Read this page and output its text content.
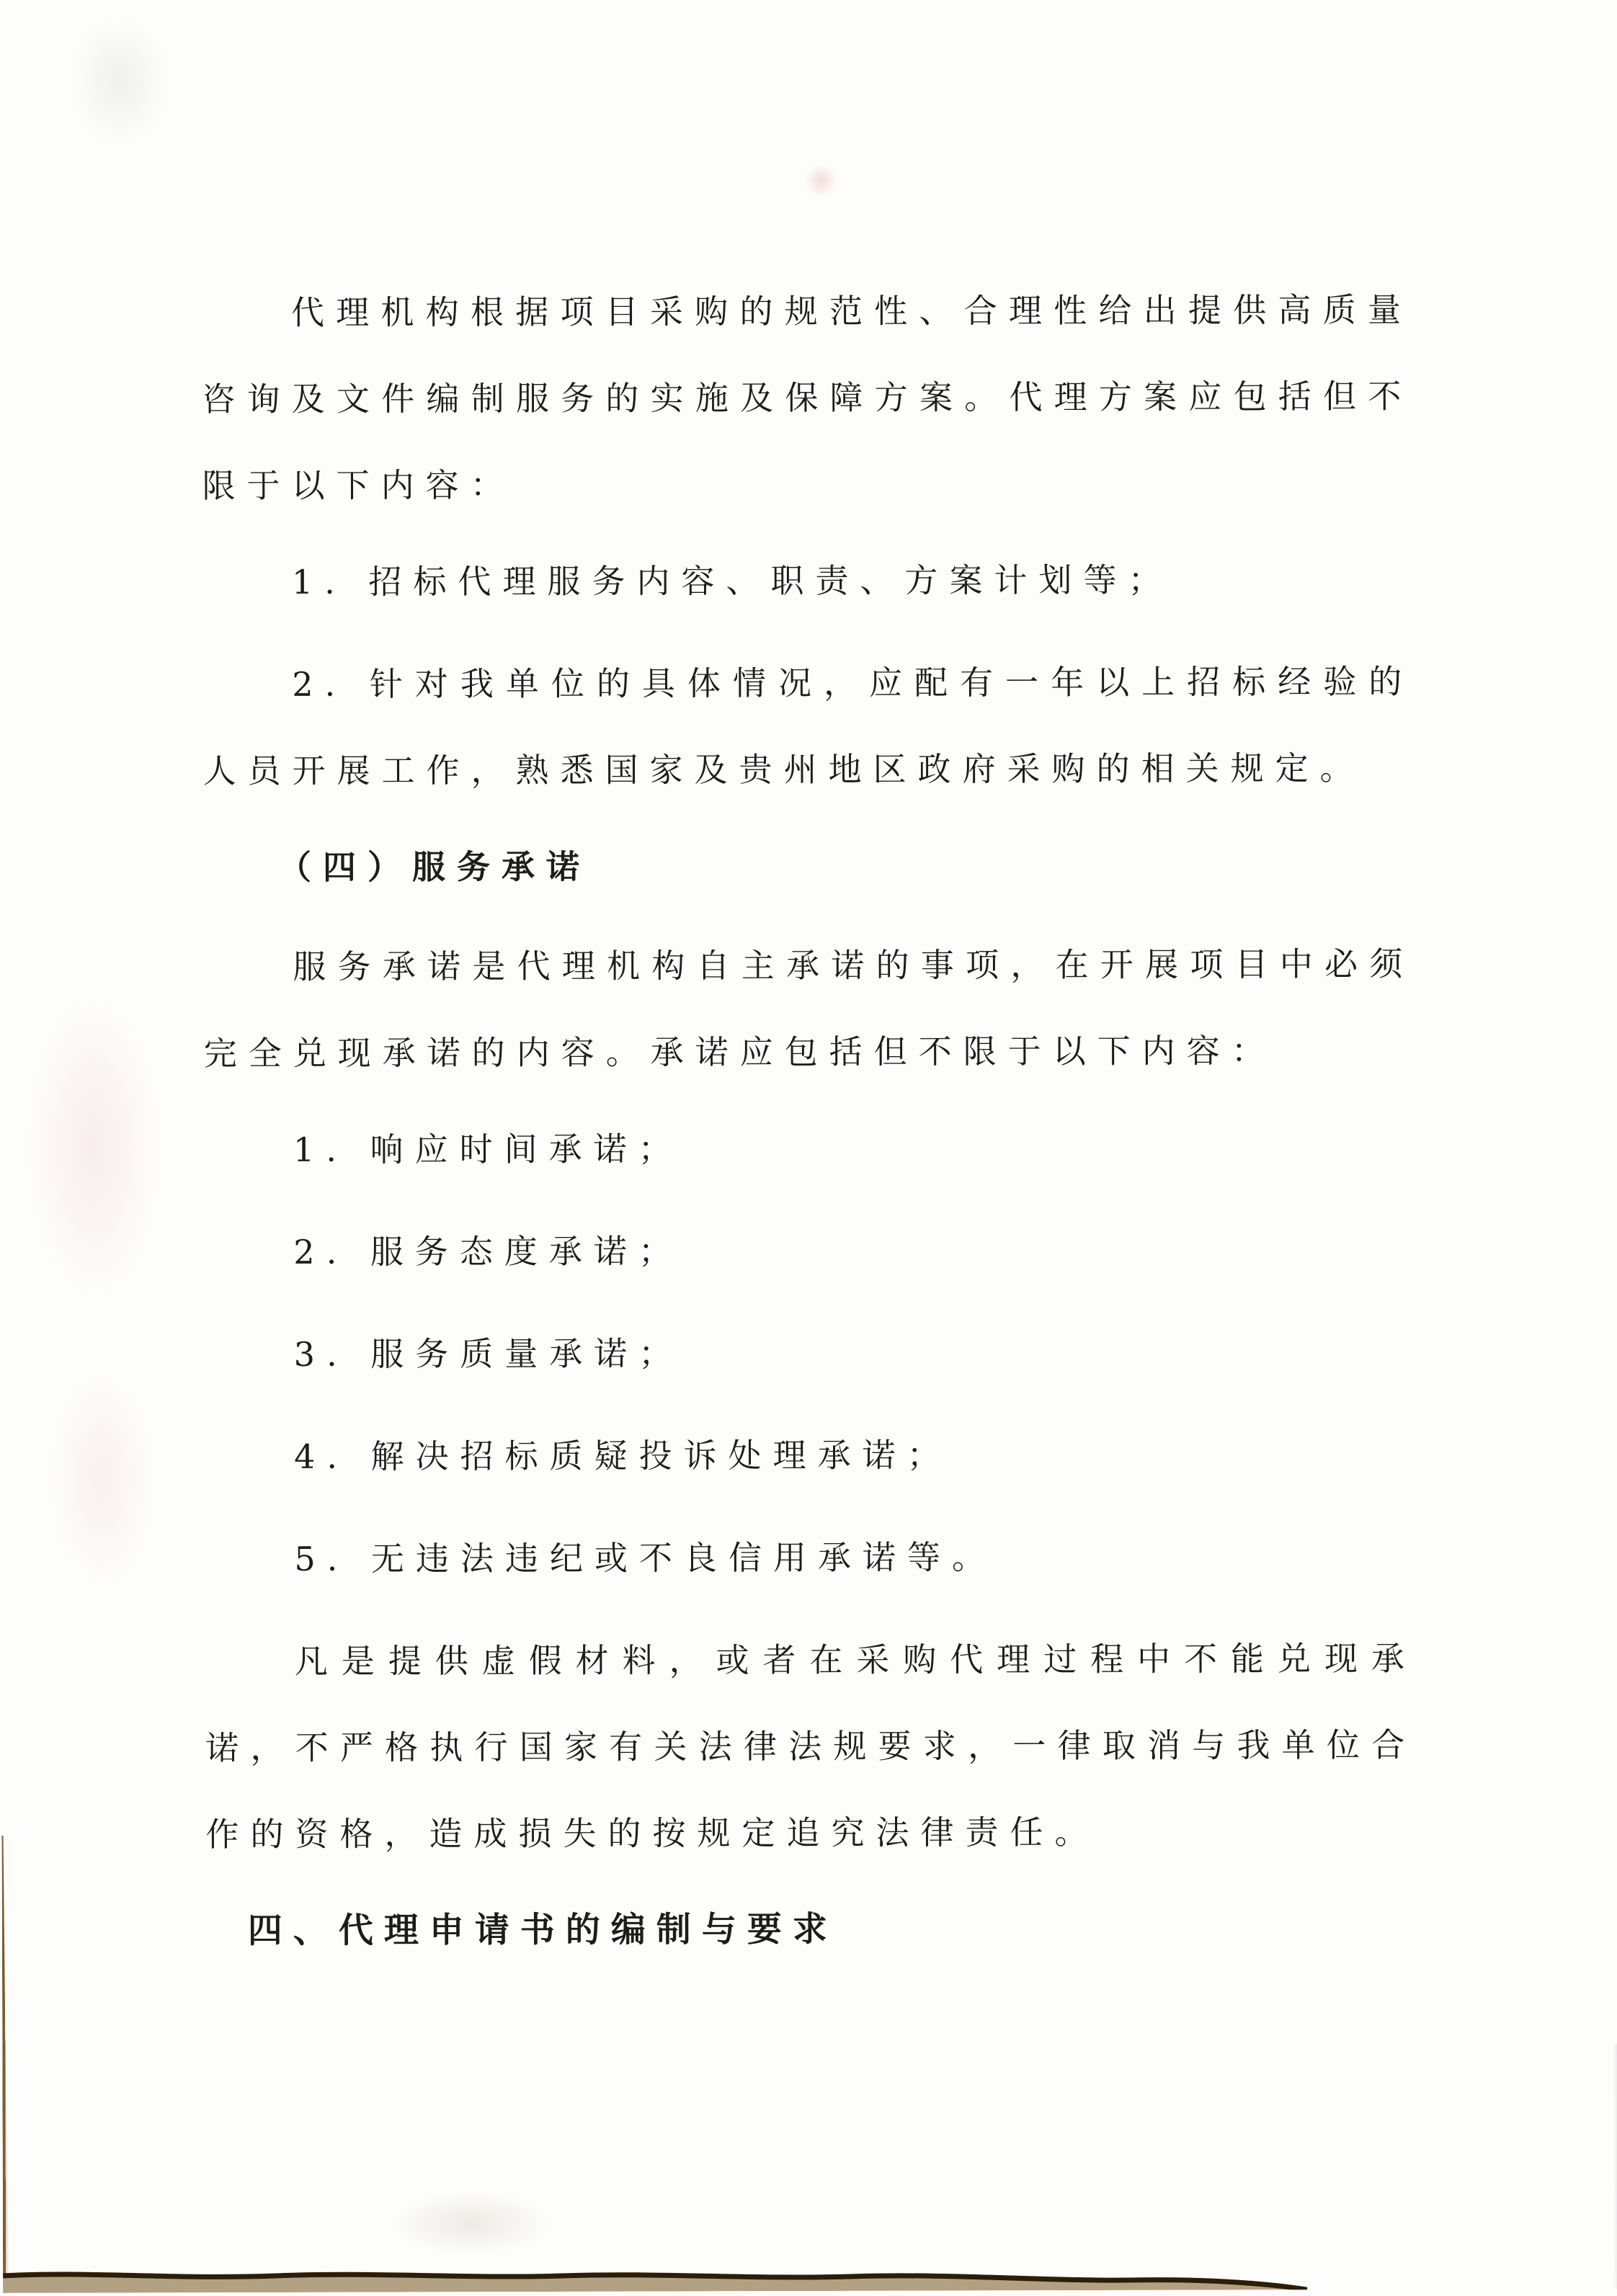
代理机构根据项目采购的规范性、合理性给出提供高质量咨询及文件编制服务的实施及保障方案。代理方案应包括但不限于以下内容：

1. 招标代理服务内容、职责、方案计划等；

2. 针对我单位的具体情况，应配有一年以上招标经验的人员开展工作，熟悉国家及贵州地区政府采购的相关规定。

（四）服务承诺

服务承诺是代理机构自主承诺的事项，在开展项目中必须完全兑现承诺的内容。承诺应包括但不限于以下内容：

1. 响应时间承诺；

2. 服务态度承诺；

3. 服务质量承诺；

4. 解决招标质疑投诉处理承诺；

5. 无违法违纪或不良信用承诺等。

凡是提供虚假材料，或者在采购代理过程中不能兑现承诺，不严格执行国家有关法律法规要求，一律取消与我单位合作的资格，造成损失的按规定追究法律责任。

四、代理申请书的编制与要求
